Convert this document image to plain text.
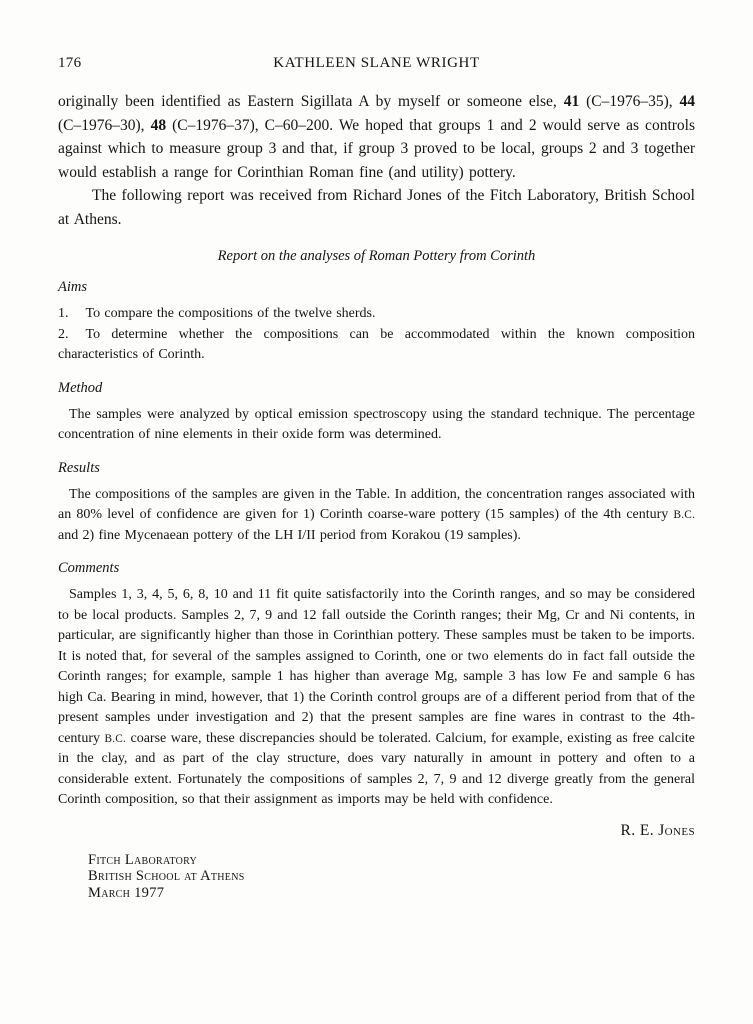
176	KATHLEEN SLANE WRIGHT

originally been identified as Eastern Sigillata A by myself or someone else, 41 (C–1976–35), 44 (C–1976–30), 48 (C–1976–37), C–60–200. We hoped that groups 1 and 2 would serve as controls against which to measure group 3 and that, if group 3 proved to be local, groups 2 and 3 together would establish a range for Corinthian Roman fine (and utility) pottery.

The following report was received from Richard Jones of the Fitch Laboratory, British School at Athens.

Report on the analyses of Roman Pottery from Corinth
Aims

1. To compare the compositions of the twelve sherds.

2. To determine whether the compositions can be accommodated within the known composition characteristics of Corinth.

Method

The samples were analyzed by optical emission spectroscopy using the standard technique. The percentage concentration of nine elements in their oxide form was determined.

Results

The compositions of the samples are given in the Table. In addition, the concentration ranges associated with an 80% level of confidence are given for 1) Corinth coarse-ware pottery (15 samples) of the 4th century B.C. and 2) fine Mycenaean pottery of the LH I/II period from Korakou (19 samples).

Comments

Samples 1, 3, 4, 5, 6, 8, 10 and 11 fit quite satisfactorily into the Corinth ranges, and so may be considered to be local products. Samples 2, 7, 9 and 12 fall outside the Corinth ranges; their Mg, Cr and Ni contents, in particular, are significantly higher than those in Corinthian pottery. These samples must be taken to be imports. It is noted that, for several of the samples assigned to Corinth, one or two elements do in fact fall outside the Corinth ranges; for example, sample 1 has higher than average Mg, sample 3 has low Fe and sample 6 has high Ca. Bearing in mind, however, that 1) the Corinth control groups are of a different period from that of the present samples under investigation and 2) that the present samples are fine wares in contrast to the 4th-century B.C. coarse ware, these discrepancies should be tolerated. Calcium, for example, existing as free calcite in the clay, and as part of the clay structure, does vary naturally in amount in pottery and often to a considerable extent. Fortunately the compositions of samples 2, 7, 9 and 12 diverge greatly from the general Corinth composition, so that their assignment as imports may be held with confidence.

R. E. Jones

Fitch Laboratory
British School at Athens
March 1977
